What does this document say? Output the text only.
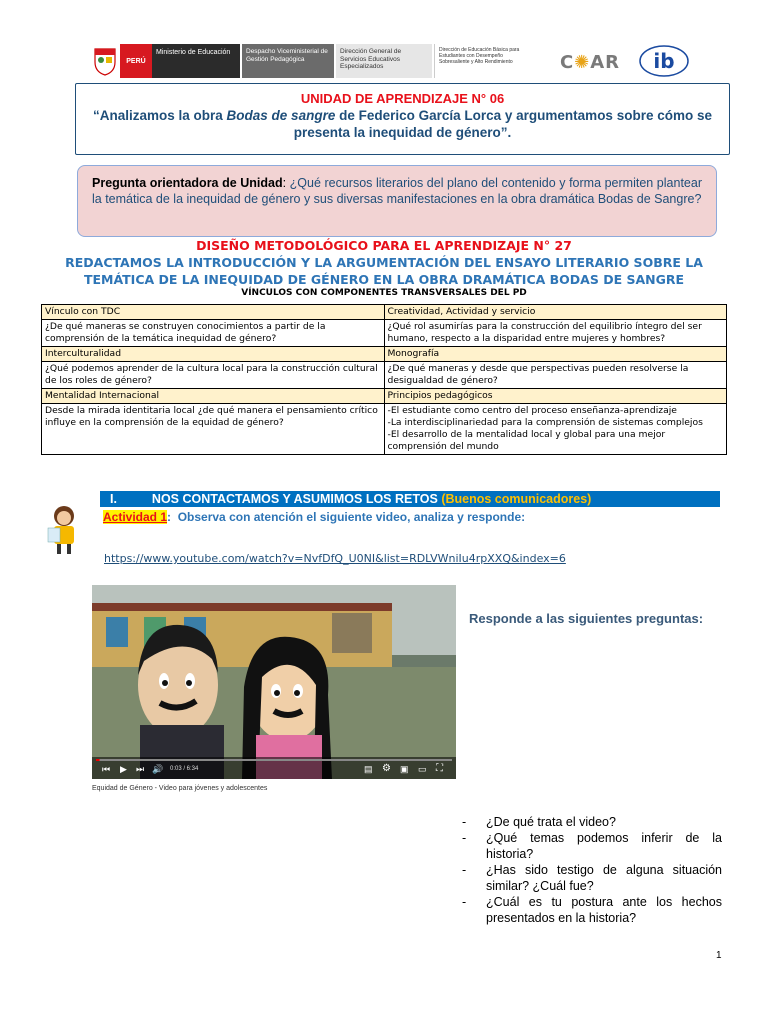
PERÚ
Ministerio de Educación	Despacho Viceministerial de Gestión Pedagógica
Dirección General de Servicios Educativos Especializados
Dirección de Educación Básica para Estudiantes con Desempeño Sobresaliente y Alto Rendimiento	C ✺ AR	ib
UNIDAD DE APRENDIZAJE N° 06
“Analizamos la obra Bodas de sangre de Federico García Lorca y argumentamos sobre cómo se presenta la inequidad de género”.
Pregunta orientadora de Unidad: ¿Qué recursos literarios del plano del contenido y forma permiten plantear la temática de la inequidad de género y sus diversas manifestaciones en la obra dramática Bodas de Sangre?
DISEÑO METODOLÓGICO PARA EL APRENDIZAJE N° 27
REDACTAMOS LA INTRODUCCIÓN Y LA ARGUMENTACIÓN DEL ENSAYO LITERARIO SOBRE LA TEMÁTICA DE LA INEQUIDAD DE GÉNERO EN LA OBRA DRAMÁTICA BODAS DE SANGRE
VÍNCULOS CON COMPONENTES TRANSVERSALES DEL PD
Vínculo con TDC	Creatividad, Actividad y servicio
¿De qué maneras se construyen conocimientos a partir de la comprensión de la temática inequidad de género?	¿Qué rol asumirías para la construcción del equilibrio íntegro del ser humano, respecto a la disparidad entre mujeres y hombres?
Interculturalidad	Monografía
¿Qué podemos aprender de la cultura local para la construcción cultural de los roles de género?	¿De qué maneras y desde que perspectivas pueden resolverse la desigualdad de género?
Mentalidad Internacional	Principios pedagógicos
Desde la mirada identitaria local ¿de qué manera el pensamiento crítico influye en la comprensión de la equidad de género?	-El estudiante como centro del proceso enseñanza-aprendizaje
-La interdisciplinariedad para la comprensión de sistemas complejos
-El desarrollo de la mentalidad local y global para una mejor comprensión del mundo
I.	NOS CONTACTAMOS Y ASUMIMOS LOS RETOS (Buenos comunicadores)
Actividad 1: Observa con atención el siguiente video, analiza y responde:
https://www.youtube.com/watch?v=NvfDfQ_U0NI&list=RDLVWniIu4rpXXQ&index=6
⏮ ▶ ⏭ 🔊 0:03 / 6:34	▤ ⚙ ▣ ▭ ⛶
Equidad de Género - Video para jóvenes y adolescentes
Responde a las siguientes preguntas:
-	¿De qué trata el video?
-	¿Qué temas podemos inferir de la historia?
-	¿Has sido testigo de alguna situación similar? ¿Cuál fue?
-	¿Cuál es tu postura ante los hechos presentados en la historia?
1
